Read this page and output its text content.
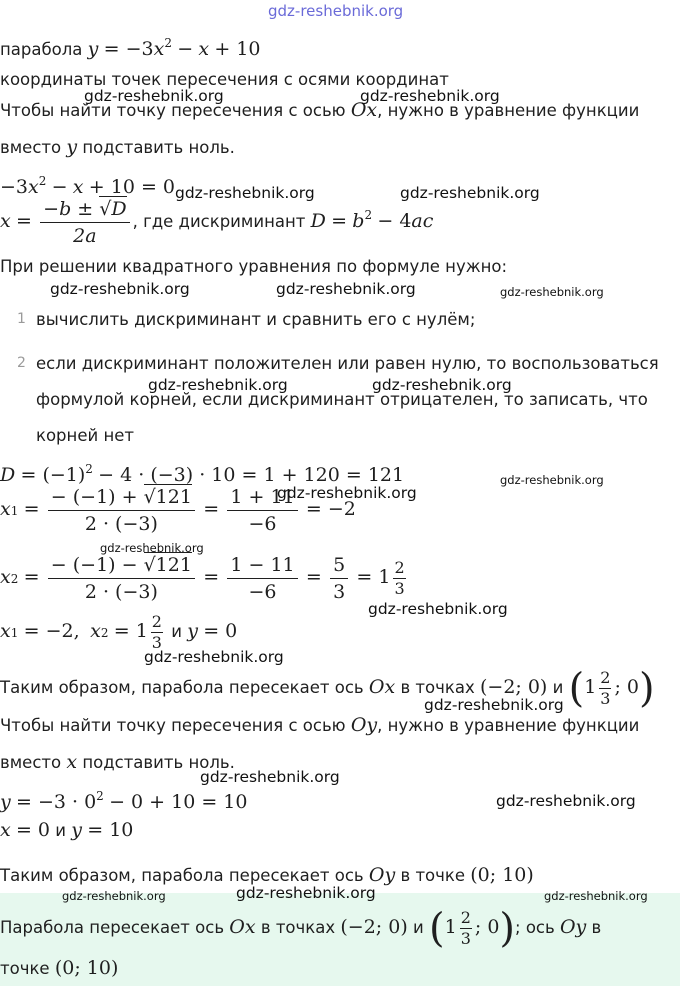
gdz-reshebnik.org
парабола $y = -3x^2 - x + 10$
координаты точек пересечения с осями координат
Чтобы найти точку пересечения с осью Ox, нужно в уравнение функции
вместо y подставить ноль.
$-3x^2 - x + 10 = 0$
$x = \frac{-b \pm √D}{2a}$ , где дискриминант $D = b^2 - 4ac$
При решении квадратного уравнения по формуле нужно:
1 вычислить дискриминант и сравнить его с нулём;
2 если дискриминант положителен или равен нулю, то воспользоваться
формулой корней, если дискриминант отрицателен, то записать, что
корней нет
$D = (-1)^2 - 4 \cdot (-3) \cdot 10 = 1 + 120 = 121$
$x1 = \frac{- (-1) + √121}{2 \cdot (-3)} = \frac{1 + 11}{-6} = -2$
$x2 = \frac{- (-1) - √121}{2 \cdot (-3)} = \frac{1 - 11}{-6} = \frac{5}{3} = 1 \frac{2}{3}$
x1 = −2, $x2 = 1 \frac{2}{3}$ и y = 0
Таким образом, парабола пересекает ось Ox в точках (−2; 0) и ($1 \frac{2}{3}$ ; 0)
Чтобы найти точку пересечения с осью Oy, нужно в уравнение функции
вместо x подставить ноль.
$y = -3 \cdot 0^2 - 0 + 10 = 10$
x = 0 и y = 10
Таким образом, парабола пересекает ось Oy в точке (0; 10)
Парабола пересекает ось Ox в точках (−2; 0) и ($1 \frac{2}{3}$ ; 0); ось Oy в
точке (0; 10)
gdz-reshebnik.org	gdz-reshebnik.org
gdz-reshebnik.org	gdz-reshebnik.org
gdz-reshebnik.org	gdz-reshebnik.org	gdz-reshebnik.org
gdz-reshebnik.org	gdz-reshebnik.org
gdz-reshebnik.org
gdz-reshebnik.org
gdz-reshebnik.org
gdz-reshebnik.org
gdz-reshebnik.org
gdz-reshebnik.org
gdz-reshebnik.org
gdz-reshebnik.org
gdz-reshebnik.org	gdz-reshebnik.org	gdz-reshebnik.org
